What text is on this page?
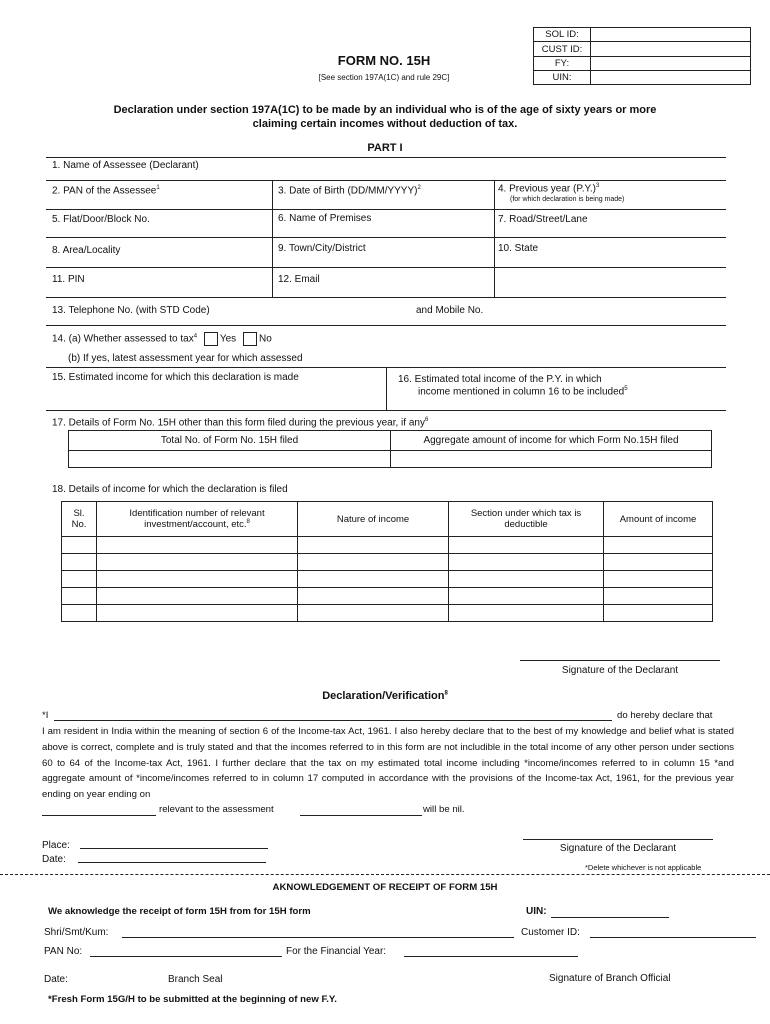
SOL ID:	
CUST ID:	
FY:	
UIN:	
FORM NO. 15H
[See section 197A(1C) and rule 29C]
Declaration under section 197A(1C) to be made by an individual who is of the age of sixty years or more
claiming certain incomes without deduction of tax.
PART I
1. Name of Assessee (Declarant)
2. PAN of the Assessee$^1$	3. Date of Birth (DD/MM/YYYY)$^2$	4. Previous year $(P.Y.)^3$
(for which declaration is being made)
5. Flat/Door/Block No.	6. Name of Premises	7. Road/Street/Lane
8. Area/Locality	9. Town/City/District	10. State
11. PIN	12. Email
13. Telephone No. (with STD Code)	and Mobile No.
14. (a) Whether assessed to tax$^4$ Yes No
(b) If yes, latest assessment year for which assessed
15. Estimated income for which this declaration is made	16. Estimated total income of the P.Y. in which
income mentioned in column 16 to be included$^5$
17. Details of Form No. 15H other than this form filed during the previous year, if any$^6$
Total No. of Form No. 15H filed	Aggregate amount of income for which Form No.15H filed

18. Details of income for which the declaration is filed
Sl. No.	Identification number of relevant investment/account, etc.$^8$	Nature of income	Section under which tax is deductible	Amount of income

Signature of the Declarant
Declaration/Verification$^8$
*I	do hereby declare that
I am resident in India within the meaning of section 6 of the Income-tax Act, 1961. I also hereby declare that to the best of my knowledge and belief what is stated above is correct, complete and is truly stated and that the incomes referred to in this form are not includible in the total income of any other person under sections 60 to 64 of the Income-tax Act, 1961. I further declare that the tax on my estimated total income including *income/incomes referred to in column 15 *and aggregate amount of *income/incomes referred to in column 17 computed in accordance with the provisions of the Income-tax Act, 1961, for the previous year ending on year ending on
relevant to the assessment	will be nil.
Place:
Date:
Signature of the Declarant
*Delete whichever is not applicable
AKNOWLEDGEMENT OF RECEIPT OF FORM 15H
We aknowledge the receipt of form 15H from for 15H form	UIN:
Shri/Smt/Kum:	Customer ID:
PAN No:	For the Financial Year:
Date:	Branch Seal	Signature of Branch Official
*Fresh Form 15G/H to be submitted at the beginning of new F.Y.
